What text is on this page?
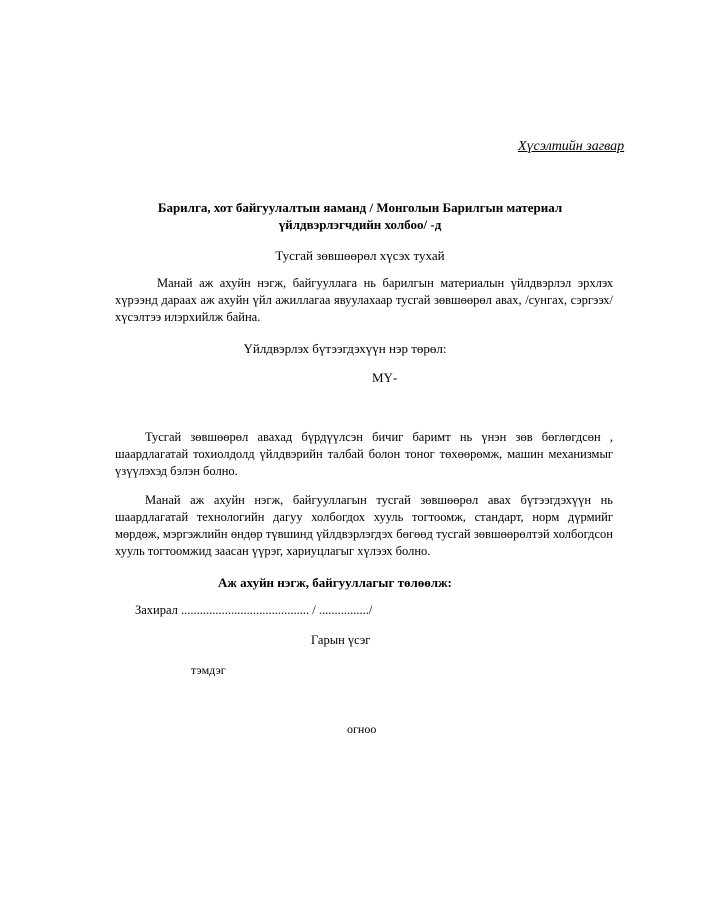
Хүсэлтийн загвар
Барилга, хот байгуулалтын яаманд / Монголын Барилгын материал
үйлдвэрлэгчдийн холбоо/ -д
Тусгай зөвшөөрөл хүсэх тухай
Манай аж ахуйн нэгж, байгууллага нь барилгын материалын үйлдвэрлэл эрхлэх хүрээнд дараах аж ахуйн үйл ажиллагаа явуулахаар тусгай зөвшөөрөл авах, /сунгах, сэргээх/ хүсэлтээ илэрхийлж байна.
Үйлдвэрлэх бүтээгдэхүүн нэр төрөл:
МҮ-
Тусгай зөвшөөрөл авахад бүрдүүлсэн бичиг баримт нь үнэн зөв бөглөгдсөн , шаардлагатай тохиолдолд үйлдвэрийн талбай болон тоног төхөөрөмж, машин механизмыг үзүүлэхэд бэлэн болно.
Манай аж ахуйн нэгж, байгууллагын тусгай зөвшөөрөл авах бүтээгдэхүүн нь шаардлагатай технологийн дагуу холбогдох хууль тогтоомж, стандарт, норм дүрмийг мөрдөж, мэргэжлийн өндөр түвшинд үйлдвэрлэгдэх бөгөөд тусгай зөвшөөрөлтэй холбогдсон хууль тогтоомжид заасан үүрэг, хариуцлагыг хүлээх болно.
Аж ахуйн нэгж, байгууллагыг төлөөлж:
Захирал ......................................... / ................/
Гарын үсэг
тэмдэг
огноо
